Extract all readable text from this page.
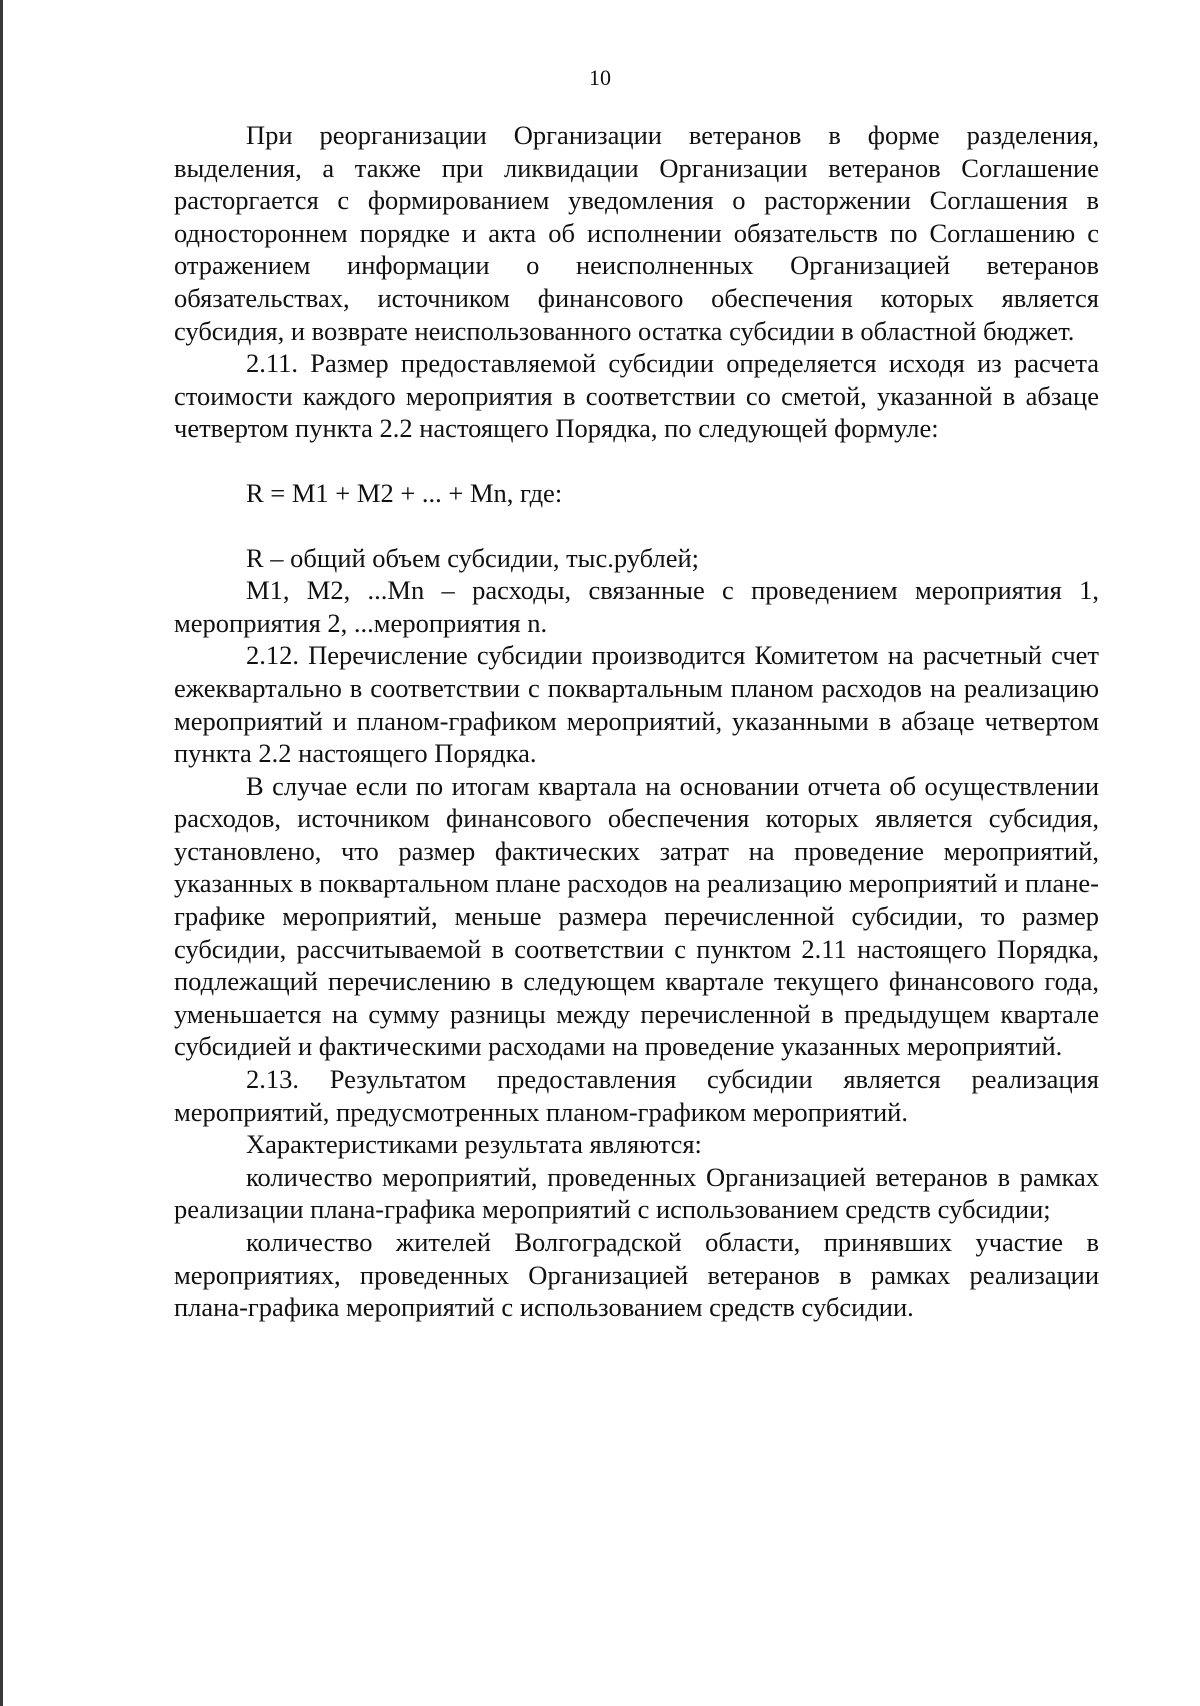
10

При реорганизации Организации ветеранов в форме разделения, выделения, а также при ликвидации Организации ветеранов Соглашение расторгается с формированием уведомления о расторжении Соглашения в одностороннем порядке и акта об исполнении обязательств по Соглашению с отражением информации о неисполненных Организацией ветеранов обязательствах, источником финансового обеспечения которых является субсидия, и возврате неиспользованного остатка субсидии в областной бюджет.

2.11. Размер предоставляемой субсидии определяется исходя из расчета стоимости каждого мероприятия в соответствии со сметой, указанной в абзаце четвертом пункта 2.2 настоящего Порядка, по следующей формуле:

R = M1 + M2 + ... + Mn, где:

R – общий объем субсидии, тыс.рублей;

M1, M2, ...Mn – расходы, связанные с проведением мероприятия 1, мероприятия 2, ...мероприятия n.

2.12. Перечисление субсидии производится Комитетом на расчетный счет ежеквартально в соответствии с поквартальным планом расходов на реализацию мероприятий и планом-графиком мероприятий, указанными в абзаце четвертом пункта 2.2 настоящего Порядка.

В случае если по итогам квартала на основании отчета об осуществлении расходов, источником финансового обеспечения которых является субсидия, установлено, что размер фактических затрат на проведение мероприятий, указанных в поквартальном плане расходов на реализацию мероприятий и плане-графике мероприятий, меньше размера перечисленной субсидии, то размер субсидии, рассчитываемой в соответствии с пунктом 2.11 настоящего Порядка, подлежащий перечислению в следующем квартале текущего финансового года, уменьшается на сумму разницы между перечисленной в предыдущем квартале субсидией и фактическими расходами на проведение указанных мероприятий.

2.13. Результатом предоставления субсидии является реализация мероприятий, предусмотренных планом-графиком мероприятий.

Характеристиками результата являются:

количество мероприятий, проведенных Организацией ветеранов в рамках реализации плана-графика мероприятий с использованием средств субсидии;

количество жителей Волгоградской области, принявших участие в мероприятиях, проведенных Организацией ветеранов в рамках реализации плана-графика мероприятий с использованием средств субсидии.
